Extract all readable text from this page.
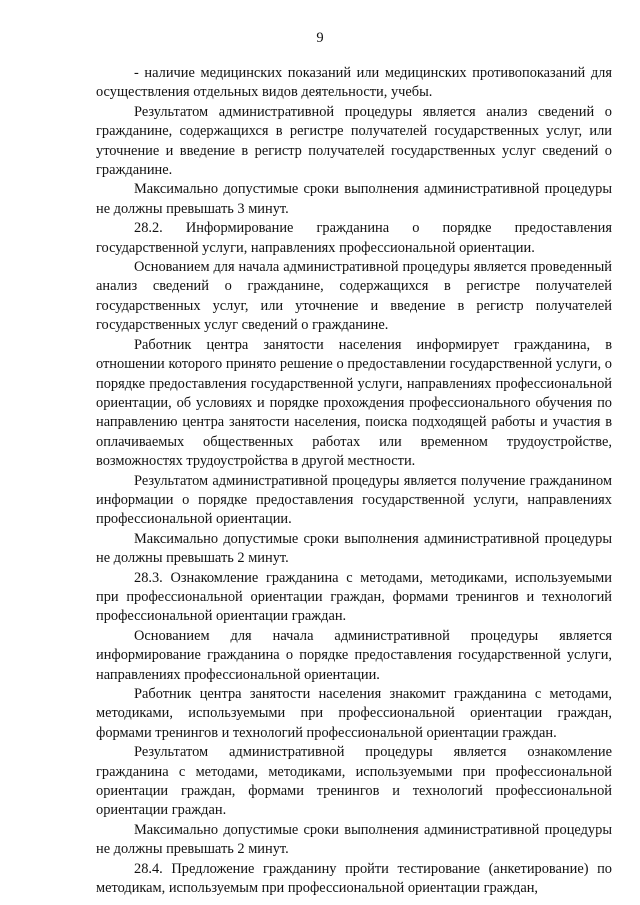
9

- наличие медицинских показаний или медицинских противопоказаний для осуществления отдельных видов деятельности, учебы.

Результатом административной процедуры является анализ сведений о гражданине, содержащихся в регистре получателей государственных услуг, или уточнение и введение в регистр получателей государственных услуг сведений о гражданине.

Максимально допустимые сроки выполнения административной процедуры не должны превышать 3 минут.

28.2. Информирование гражданина о порядке предоставления государственной услуги, направлениях профессиональной ориентации.

Основанием для начала административной процедуры является проведенный анализ сведений о гражданине, содержащихся в регистре получателей государственных услуг, или уточнение и введение в регистр получателей государственных услуг сведений о гражданине.

Работник центра занятости населения информирует гражданина, в отношении которого принято решение о предоставлении государственной услуги, о порядке предоставления государственной услуги, направлениях профессиональной ориентации, об условиях и порядке прохождения профессионального обучения по направлению центра занятости населения, поиска подходящей работы и участия в оплачиваемых общественных работах или временном трудоустройстве, возможностях трудоустройства в другой местности.

Результатом административной процедуры является получение гражданином информации о порядке предоставления государственной услуги, направлениях профессиональной ориентации.

Максимально допустимые сроки выполнения административной процедуры не должны превышать 2 минут.

28.3. Ознакомление гражданина с методами, методиками, используемыми при профессиональной ориентации граждан, формами тренингов и технологий профессиональной ориентации граждан.

Основанием для начала административной процедуры является информирование гражданина о порядке предоставления государственной услуги, направлениях профессиональной ориентации.

Работник центра занятости населения знакомит гражданина с методами, методиками, используемыми при профессиональной ориентации граждан, формами тренингов и технологий профессиональной ориентации граждан.

Результатом административной процедуры является ознакомление гражданина с методами, методиками, используемыми при профессиональной ориентации граждан, формами тренингов и технологий профессиональной ориентации граждан.

Максимально допустимые сроки выполнения административной процедуры не должны превышать 2 минут.

28.4. Предложение гражданину пройти тестирование (анкетирование) по методикам, используемым при профессиональной ориентации граждан,
